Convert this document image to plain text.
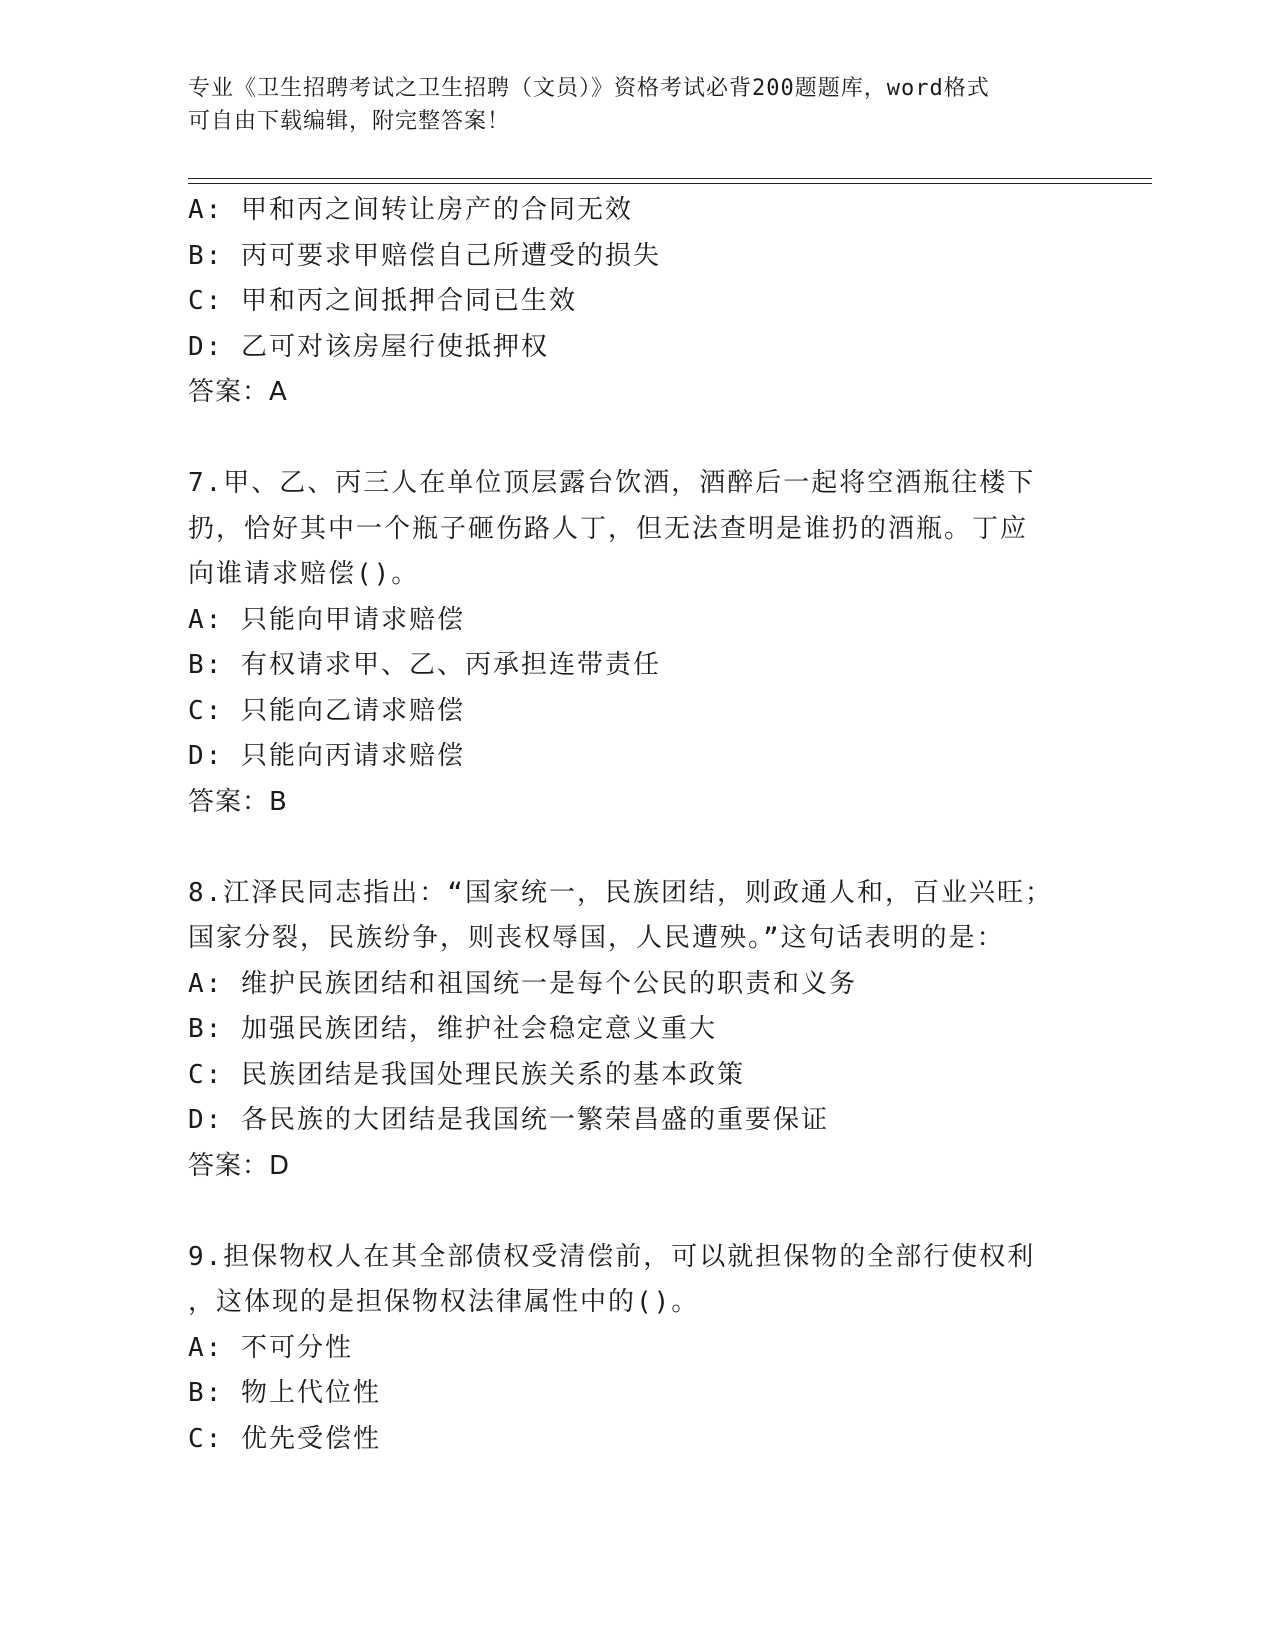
专业《卫生招聘考试之卫生招聘（文员）》资格考试必背200题题库，word格式
可自由下载编辑，附完整答案！
A: 甲和丙之间转让房产的合同无效
B: 丙可要求甲赔偿自己所遭受的损失
C: 甲和丙之间抵押合同已生效
D: 乙可对该房屋行使抵押权
答案：A
7.甲、乙、丙三人在单位顶层露台饮酒，酒醉后一起将空酒瓶往楼下
扔，恰好其中一个瓶子砸伤路人丁，但无法查明是谁扔的酒瓶。丁应
向谁请求赔偿()。
A: 只能向甲请求赔偿
B: 有权请求甲、乙、丙承担连带责任
C: 只能向乙请求赔偿
D: 只能向丙请求赔偿
答案：B
8.江泽民同志指出：“国家统一，民族团结，则政通人和，百业兴旺；
国家分裂，民族纷争，则丧权辱国，人民遭殃。”这句话表明的是：
A: 维护民族团结和祖国统一是每个公民的职责和义务
B: 加强民族团结，维护社会稳定意义重大
C: 民族团结是我国处理民族关系的基本政策
D: 各民族的大团结是我国统一繁荣昌盛的重要保证
答案：D
9.担保物权人在其全部债权受清偿前，可以就担保物的全部行使权利
，这体现的是担保物权法律属性中的()。
A: 不可分性
B: 物上代位性
C: 优先受偿性
